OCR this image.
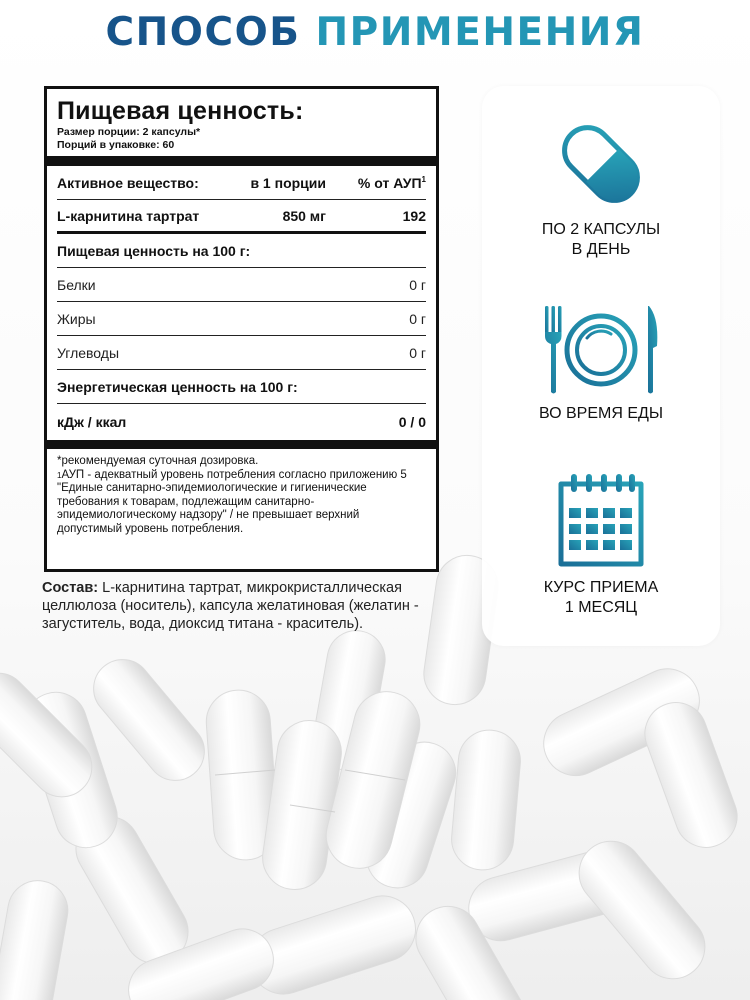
СПОСОБ ПРИМЕНЕНИЯ
Пищевая ценность:
Размер порции: 2 капсулы*
Порций в упаковке: 60
Активное вещество:	в 1 порции	% от АУП$^1$
L-карнитина тартрат	850 мг	192
Пищевая ценность на 100 г:
Белки	0 г
Жиры	0 г
Углеводы	0 г
Энергетическая ценность на 100 г:
кДж / ккал	0 / 0
*рекомендуемая суточная дозировка.
$^1$АУП - адекватный уровень потребления согласно приложению 5 "Единые санитарно-эпидемиологические и гигиенические требования к товарам, подлежащим санитарно-эпидемиологическому надзору" / не превышает верхний допустимый уровень потребления.
Состав: L-карнитина тартрат, микрокристаллическая целлюлоза (носитель), капсула желатиновая (желатин - загуститель, вода, диоксид титана - краситель).
ПО 2 КАПСУЛЫ
В ДЕНЬ
ВО ВРЕМЯ ЕДЫ
КУРС ПРИЕМА
1 МЕСЯЦ
